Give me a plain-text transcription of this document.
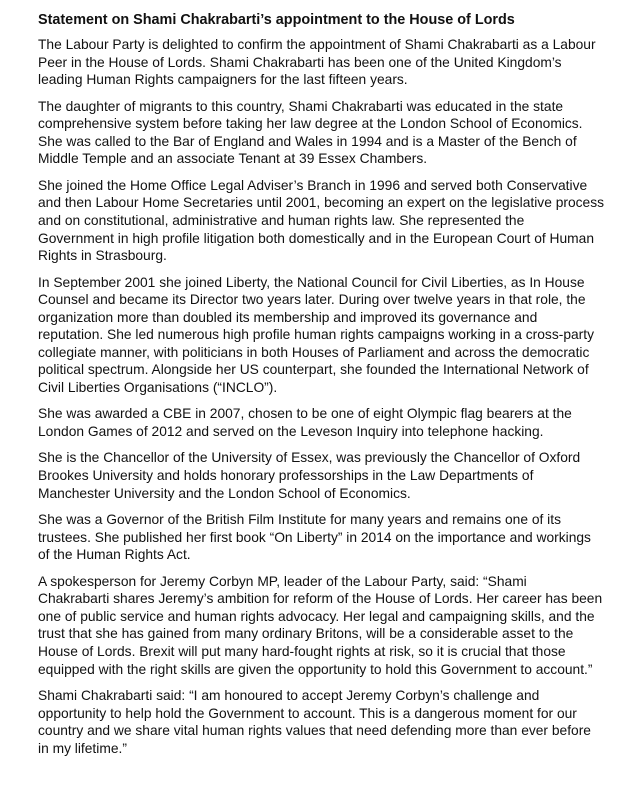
Statement on Shami Chakrabarti’s appointment to the House of Lords
The Labour Party is delighted to confirm the appointment of Shami Chakrabarti as a Labour
Peer in the House of Lords. Shami Chakrabarti has been one of the United Kingdom’s
leading Human Rights campaigners for the last fifteen years.
The daughter of migrants to this country, Shami Chakrabarti was educated in the state
comprehensive system before taking her law degree at the London School of Economics.
She was called to the Bar of England and Wales in 1994 and is a Master of the Bench of
Middle Temple and an associate Tenant at 39 Essex Chambers.
She joined the Home Office Legal Adviser’s Branch in 1996 and served both Conservative
and then Labour Home Secretaries until 2001, becoming an expert on the legislative process
and on constitutional, administrative and human rights law. She represented the
Government in high profile litigation both domestically and in the European Court of Human
Rights in Strasbourg.
In September 2001 she joined Liberty, the National Council for Civil Liberties, as In House
Counsel and became its Director two years later. During over twelve years in that role, the
organization more than doubled its membership and improved its governance and
reputation. She led numerous high profile human rights campaigns working in a cross-party
collegiate manner, with politicians in both Houses of Parliament and across the democratic
political spectrum. Alongside her US counterpart, she founded the International Network of
Civil Liberties Organisations (“INCLO”).
She was awarded a CBE in 2007, chosen to be one of eight Olympic flag bearers at the
London Games of 2012 and served on the Leveson Inquiry into telephone hacking.
She is the Chancellor of the University of Essex, was previously the Chancellor of Oxford
Brookes University and holds honorary professorships in the Law Departments of
Manchester University and the London School of Economics.
She was a Governor of the British Film Institute for many years and remains one of its
trustees. She published her first book “On Liberty” in 2014 on the importance and workings
of the Human Rights Act.
A spokesperson for Jeremy Corbyn MP, leader of the Labour Party, said: “Shami
Chakrabarti shares Jeremy’s ambition for reform of the House of Lords. Her career has been
one of public service and human rights advocacy. Her legal and campaigning skills, and the
trust that she has gained from many ordinary Britons, will be a considerable asset to the
House of Lords. Brexit will put many hard-fought rights at risk, so it is crucial that those
equipped with the right skills are given the opportunity to hold this Government to account.”
Shami Chakrabarti said: “I am honoured to accept Jeremy Corbyn’s challenge and
opportunity to help hold the Government to account. This is a dangerous moment for our
country and we share vital human rights values that need defending more than ever before
in my lifetime.”
